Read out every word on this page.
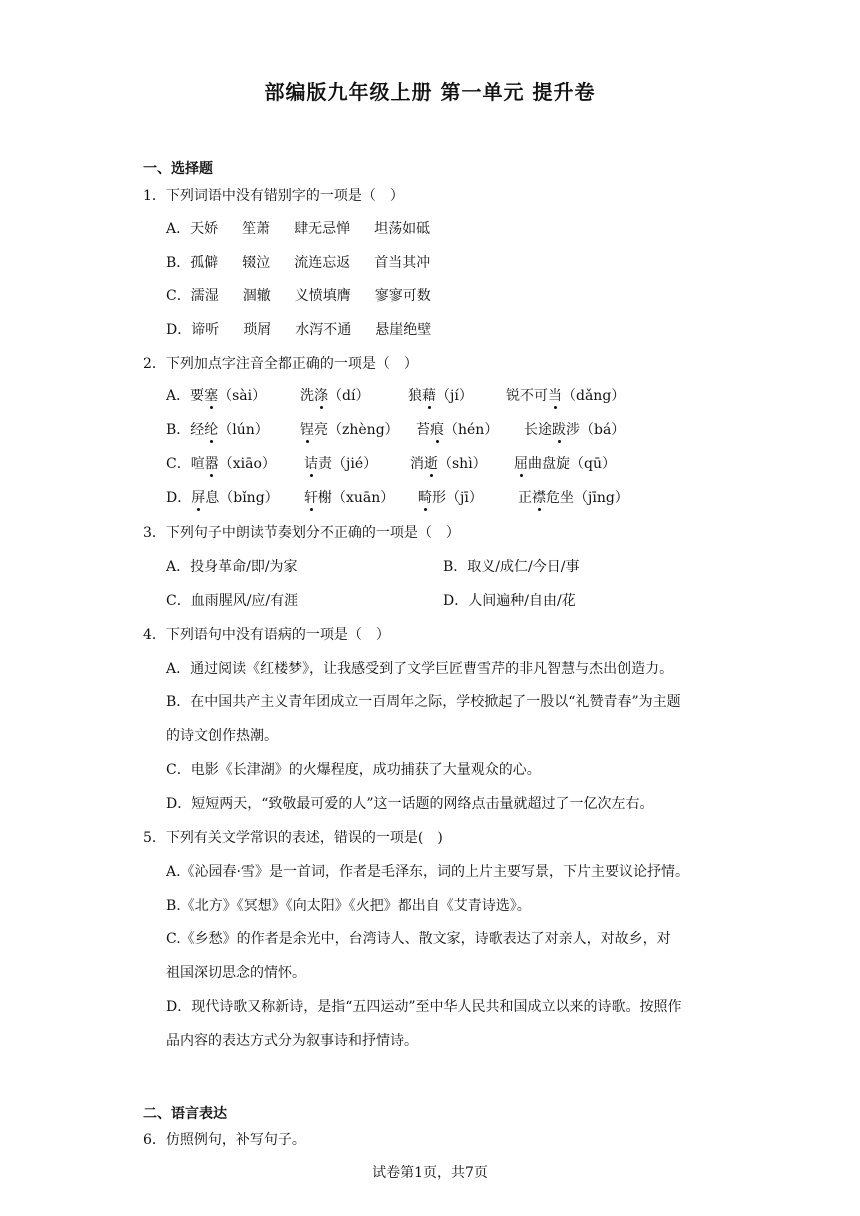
部编版九年级上册 第一单元 提升卷
一、选择题
1．下列词语中没有错别字的一项是（　）
A．天娇 笙萧 肆无忌惮 坦荡如砥
B．孤僻 辍泣 流连忘返 首当其冲
C．濡湿 涸辙 义愤填膺 寥寥可数
D．谛听 琐屑 水泻不通 悬崖绝壁
2．下列加点字注音全都正确的一项是（　）
A．要塞（sài） 洗涤（dí）	狼藉（jí） 锐不可当（dǎng）
B．经纶（lún） 锃亮（zhèng） 苔痕（hén） 长途跋涉（bá）
C．喧嚣（xiāo） 诘责（jié） 消逝（shì） 屈曲盘旋（qū）
D．屏息（bǐng） 轩榭（xuān） 畸形（jī）	正襟危坐（jīng）
3．下列句子中朗读节奏划分不正确的一项是（　）
A．投身革命/即/为家	B．取义/成仁/今日/事
C．血雨腥风/应/有涯	D．人间遍种/自由/花
4．下列语句中没有语病的一项是（　）
A．通过阅读《红楼梦》，让我感受到了文学巨匠曹雪芹的非凡智慧与杰出创造力。
B．在中国共产主义青年团成立一百周年之际，学校掀起了一股以“礼赞青春”为主题
的诗文创作热潮。
C．电影《长津湖》的火爆程度，成功捕获了大量观众的心。
D．短短两天，“致敬最可爱的人”这一话题的网络点击量就超过了一亿次左右。
5．下列有关文学常识的表述，错误的一项是(　)
A.《沁园春·雪》是一首词，作者是毛泽东，词的上片主要写景，下片主要议论抒情。
B.《北方》《冥想》《向太阳》《火把》都出自《艾青诗选》。
C.《乡愁》的作者是余光中，台湾诗人、散文家，诗歌表达了对亲人，对故乡，对
祖国深切思念的情怀。
D．现代诗歌又称新诗，是指“五四运动”至中华人民共和国成立以来的诗歌。按照作
品内容的表达方式分为叙事诗和抒情诗。
二、语言表达
6．仿照例句，补写句子。
试卷第1页，共7页
